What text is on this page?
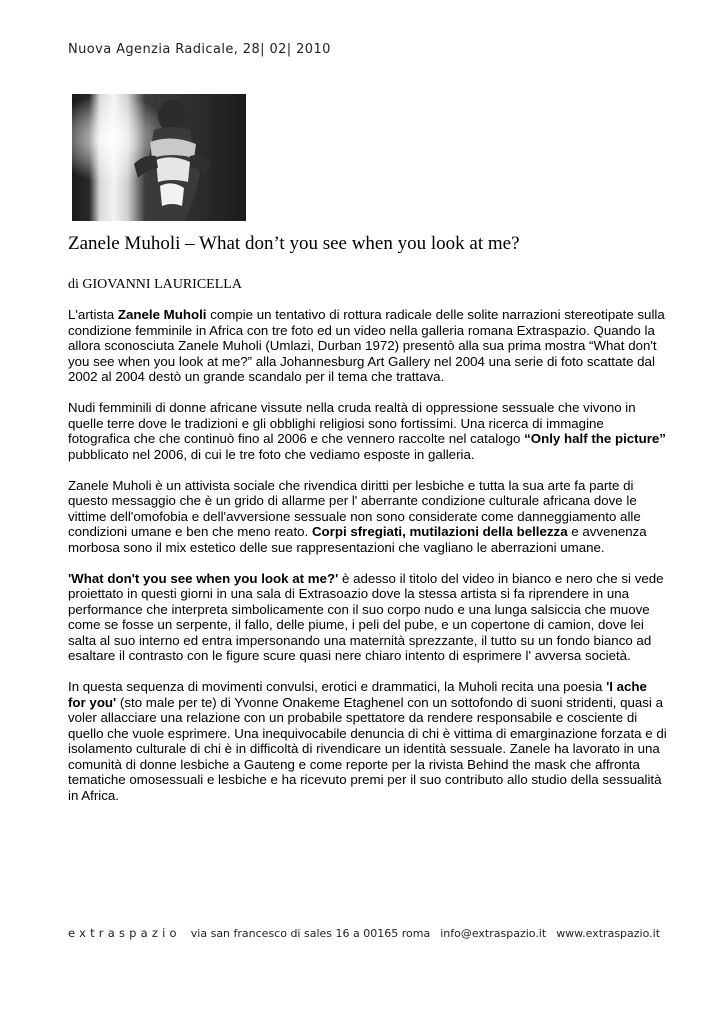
Nuova Agenzia Radicale, 28| 02| 2010
Zanele Muholi – What don’t you see when you look at me?
di GIOVANNI LAURICELLA

L'artista Zanele Muholi compie un tentativo di rottura radicale delle solite narrazioni stereotipate sulla condizione femminile in Africa con tre foto ed un video nella galleria romana Extraspazio. Quando la allora sconosciuta Zanele Muholi (Umlazi, Durban 1972) presentò alla sua prima mostra “What don't you see when you look at me?” alla Johannesburg Art Gallery nel 2004 una serie di foto scattate dal 2002 al 2004 destò un grande scandalo per il tema che trattava.

Nudi femminili di donne africane vissute nella cruda realtà di oppressione sessuale che vivono in quelle terre dove le tradizioni e gli obblighi religiosi sono fortissimi. Una ricerca di immagine fotografica che che continuò fino al 2006 e che vennero raccolte nel catalogo “Only half the picture” pubblicato nel 2006, di cui le tre foto che vediamo esposte in galleria.

Zanele Muholi è un attivista sociale che rivendica diritti per lesbiche e tutta la sua arte fa parte di questo messaggio che è un grido di allarme per l' aberrante condizione culturale africana dove le vittime dell'omofobia e dell'avversione sessuale non sono considerate come danneggiamento alle condizioni umane e ben che meno reato. Corpi sfregiati, mutilazioni della bellezza e avvenenza morbosa sono il mix estetico delle sue rappresentazioni che vagliano le aberrazioni umane.

'What don't you see when you look at me?' è adesso il titolo del video in bianco e nero che si vede proiettato in questi giorni in una sala di Extrasoazio dove la stessa artista si fa riprendere in una performance che interpreta simbolicamente con il suo corpo nudo e una lunga salsiccia che muove come se fosse un serpente, il fallo, delle piume, i peli del pube, e un copertone di camion, dove lei salta al suo interno ed entra impersonando una maternità sprezzante, il tutto su un fondo bianco ad esaltare il contrasto con le figure scure quasi nere chiaro intento di esprimere l' avversa società.

In questa sequenza di movimenti convulsi, erotici e drammatici, la Muholi recita una poesia 'I ache for you' (sto male per te) di Yvonne Onakeme Etaghenel con un sottofondo di suoni stridenti, quasi a voler allacciare una relazione con un probabile spettatore da rendere responsabile e cosciente di quello che vuole esprimere. Una inequivocabile denuncia di chi è vittima di emarginazione forzata e di isolamento culturale di chi è in difficoltà di rivendicare un identità sessuale. Zanele ha lavorato in una comunità di donne lesbiche a Gauteng e come reporte per la rivista Behind the mask che affronta tematiche omosessuali e lesbiche e ha ricevuto premi per il suo contributo allo studio della sessualità in Africa.

extraspazio via san francesco di sales 16 a 00165 roma info@extraspazio.it www.extraspazio.it
